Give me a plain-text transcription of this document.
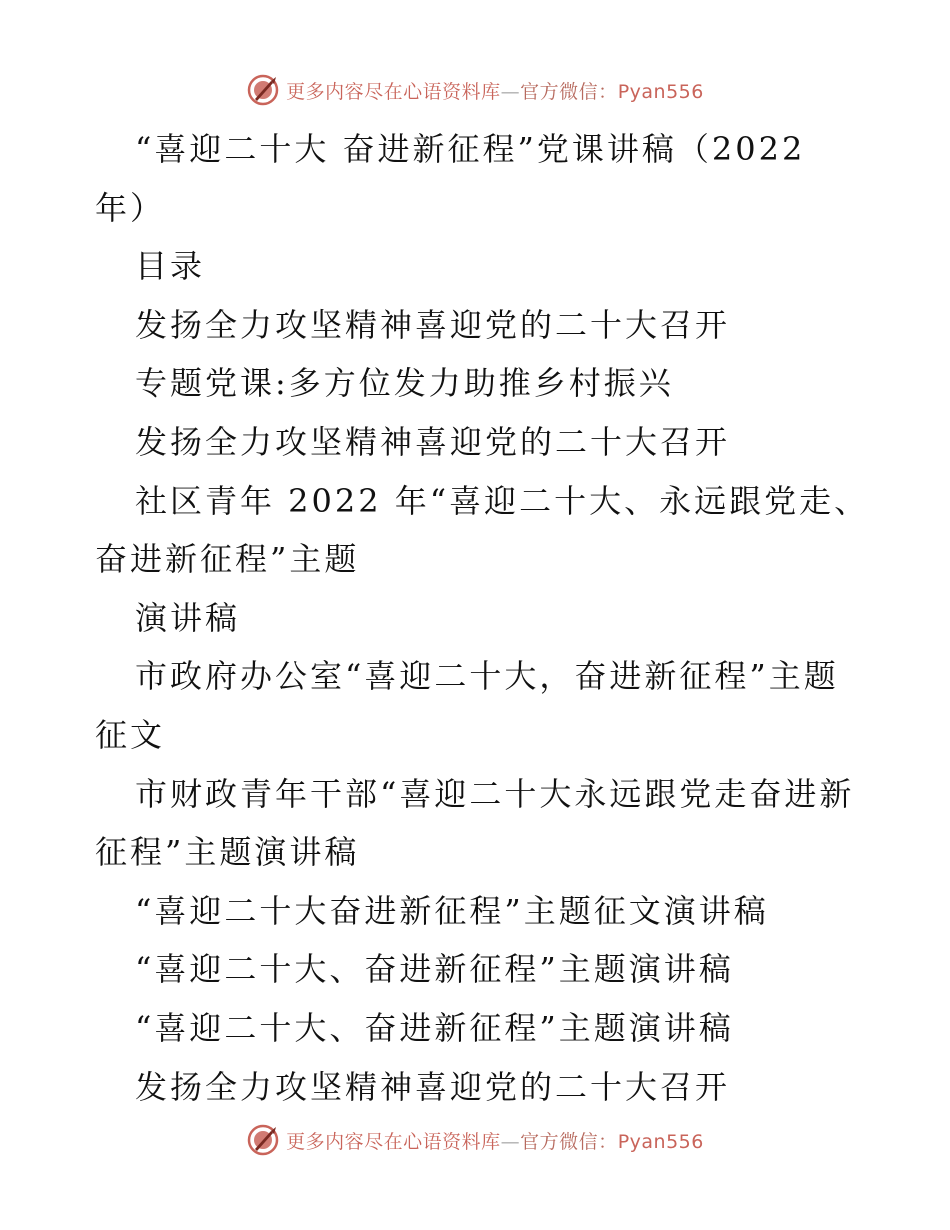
更多内容尽在心语资料库—官方微信：Pyan556
“喜迎二十大 奋进新征程”党课讲稿（2022
年）
目录
发扬全力攻坚精神喜迎党的二十大召开
专题党课:多方位发力助推乡村振兴
发扬全力攻坚精神喜迎党的二十大召开
社区青年 2022 年“喜迎二十大、永远跟党走、
奋进新征程”主题
演讲稿
市政府办公室“喜迎二十大，奋进新征程”主题
征文
市财政青年干部“喜迎二十大永远跟党走奋进新
征程”主题演讲稿
“喜迎二十大奋进新征程”主题征文演讲稿
“喜迎二十大、奋进新征程”主题演讲稿
“喜迎二十大、奋进新征程”主题演讲稿
发扬全力攻坚精神喜迎党的二十大召开
更多内容尽在心语资料库—官方微信：Pyan556
